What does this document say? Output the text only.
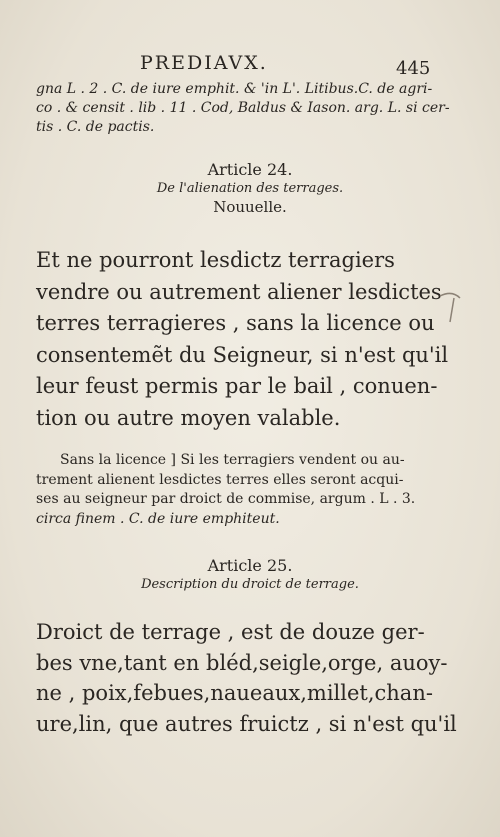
PREDIAVX.	445
gna L . 2 . C. de iure emphit. & 'in L'. Litibus.C. de agri-
co . & censit . lib . 11 . Cod, Baldus & Iason. arg. L. si cer-
tis . C. de pactis.
Article 24.
De l'alienation des terrages.
Nouuelle.
Et ne pourront lesdictz terragiers
vendre ou autrement aliener lesdictes
terres terragieres , sans la licence ou
consentemẽt du Seigneur, si n'est qu'il
leur feust permis par le bail , conuen-
tion ou autre moyen valable.
Sans la licence ] Si les terragiers vendent ou au-
trement alienent lesdictes terres elles seront acqui-
ses au seigneur par droict de commise, argum . L . 3.
circa finem . C. de iure emphiteut.
Article 25.
Description du droict de terrage.
Droict de terrage , est de douze ger-
bes vne,tant en bléd,seigle,orge, auoy-
ne , poix,febues,naueaux,millet,chan-
ure,lin, que autres fruictz , si n'est qu'il
